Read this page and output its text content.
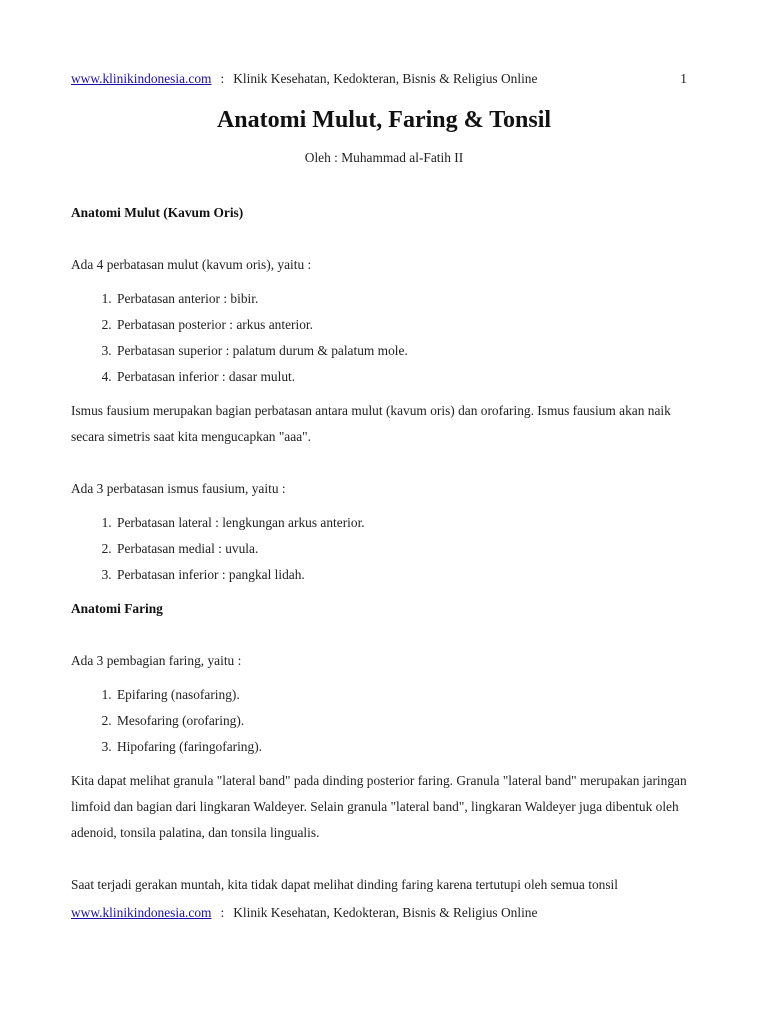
www.klinikindonesia.com : Klinik Kesehatan, Kedokteran, Bisnis & Religius Online	1
Anatomi Mulut, Faring & Tonsil
Oleh : Muhammad al-Fatih II
Anatomi Mulut (Kavum Oris)
Ada 4 perbatasan mulut (kavum oris), yaitu :
1. Perbatasan anterior : bibir.
2. Perbatasan posterior : arkus anterior.
3. Perbatasan superior : palatum durum & palatum mole.
4. Perbatasan inferior : dasar mulut.
Ismus fausium merupakan bagian perbatasan antara mulut (kavum oris) dan orofaring. Ismus fausium akan naik secara simetris saat kita mengucapkan "aaa".
Ada 3 perbatasan ismus fausium, yaitu :
1. Perbatasan lateral : lengkungan arkus anterior.
2. Perbatasan medial : uvula.
3. Perbatasan inferior : pangkal lidah.
Anatomi Faring
Ada 3 pembagian faring, yaitu :
1. Epifaring (nasofaring).
2. Mesofaring (orofaring).
3. Hipofaring (faringofaring).
Kita dapat melihat granula "lateral band" pada dinding posterior faring. Granula "lateral band" merupakan jaringan limfoid dan bagian dari lingkaran Waldeyer. Selain granula "lateral band", lingkaran Waldeyer juga dibentuk oleh adenoid, tonsila palatina, dan tonsila lingualis.
Saat terjadi gerakan muntah, kita tidak dapat melihat dinding faring karena tertutupi oleh semua tonsil
www.klinikindonesia.com : Klinik Kesehatan, Kedokteran, Bisnis & Religius Online
